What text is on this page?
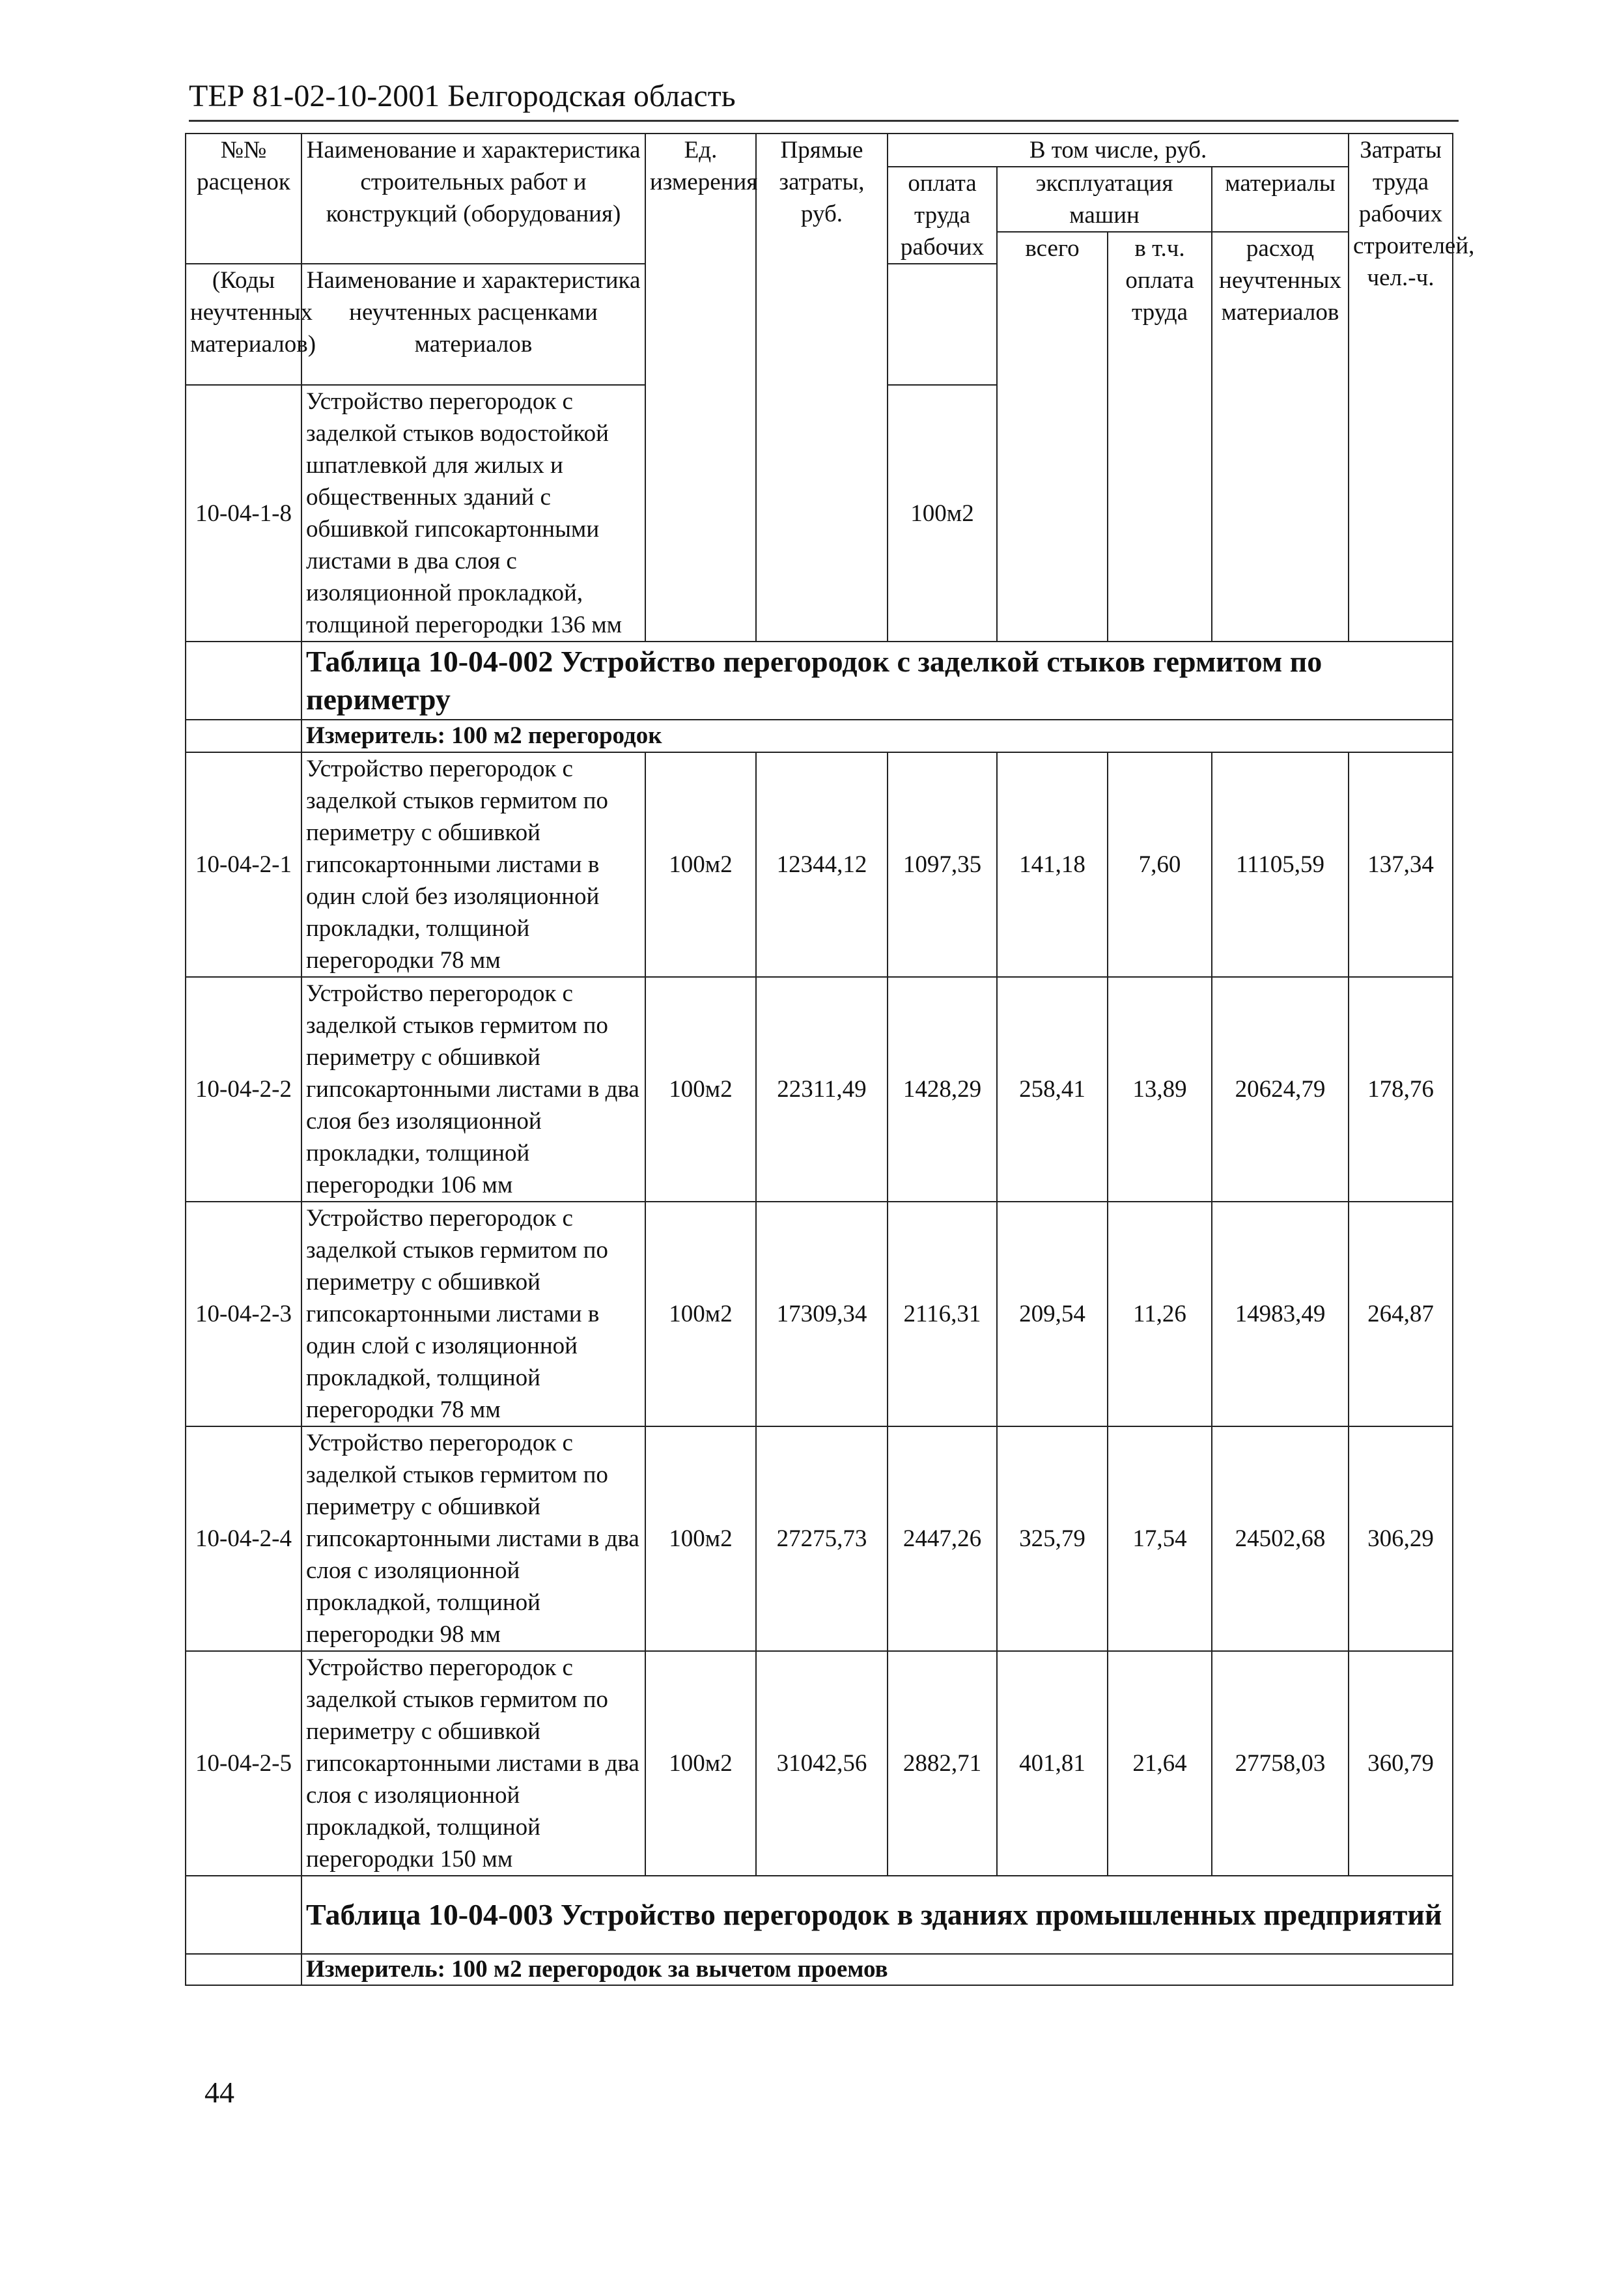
ТЕР 81-02-10-2001 Белгородская область
№№ расценок	Наименование и характеристика строительных работ и конструкций (оборудования)	Ед. измерения	Прямые затраты, руб.	В том числе, руб.				Затраты труда рабочих строителей, чел.-ч.	
				оплата труда рабочих	эксплуатация машин		материалы		
					всего	в т.ч. оплата труда	расход неучтенных материалов		
(Коды неучтенных материалов)	Наименование и характеристика неучтенных расценками материалов								
10-04-1-8	Устройство перегородок с заделкой стыков водостойкой шпатлевкой для жилых и общественных зданий с обшивкой гипсокартонными листами в два слоя с изоляционной прокладкой, толщиной перегородки 136 мм			100м2						
	Таблица 10-04-002 Устройство перегородок с заделкой стыков гермитом по периметру								
	Измеритель: 100 м2 перегородок								
10-04-2-1	Устройство перегородок с заделкой стыков гермитом по периметру с обшивкой гипсокартонными листами в один слой без изоляционной прокладки, толщиной перегородки 78 мм	100м2	12344,12	1097,35	141,18	7,60	11105,59	137,34	
10-04-2-2	Устройство перегородок с заделкой стыков гермитом по периметру с обшивкой гипсокартонными листами в два слоя без изоляционной прокладки, толщиной перегородки 106 мм	100м2	22311,49	1428,29	258,41	13,89	20624,79	178,76	
10-04-2-3	Устройство перегородок с заделкой стыков гермитом по периметру с обшивкой гипсокартонными листами в один слой с изоляционной прокладкой, толщиной перегородки 78 мм	100м2	17309,34	2116,31	209,54	11,26	14983,49	264,87	
10-04-2-4	Устройство перегородок с заделкой стыков гермитом по периметру с обшивкой гипсокартонными листами в два слоя с изоляционной прокладкой, толщиной перегородки 98 мм	100м2	27275,73	2447,26	325,79	17,54	24502,68	306,29	
10-04-2-5	Устройство перегородок с заделкой стыков гермитом по периметру с обшивкой гипсокартонными листами в два слоя с изоляционной прокладкой, толщиной перегородки 150 мм	100м2	31042,56	2882,71	401,81	21,64	27758,03	360,79	
	Таблица 10-04-003 Устройство перегородок в зданиях промышленных предприятий								
	Измеритель: 100 м2 перегородок за вычетом проемов								
44
